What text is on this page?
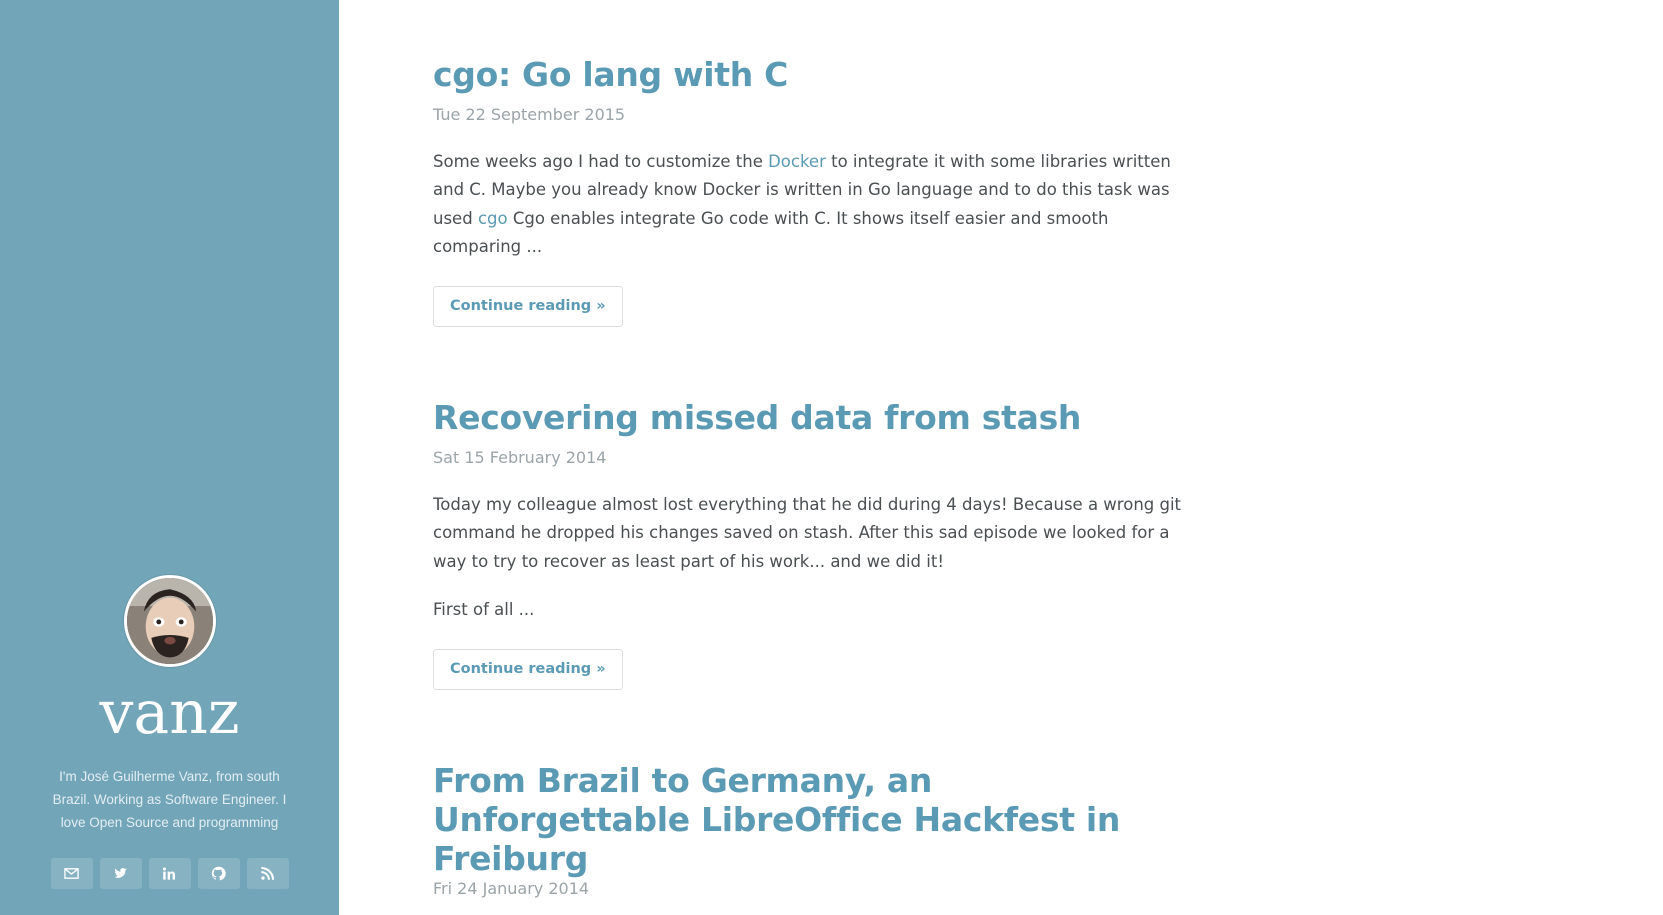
vanz
I'm José Guilherme Vanz, from south Brazil. Working as Software Engineer. I love Open Source and programming
cgo: Go lang with C
Tue 22 September 2015

Some weeks ago I had to customize the Docker to integrate it with some libraries written and C. Maybe you already know Docker is written in Go language and to do this task was used cgo Cgo enables integrate Go code with C. It shows itself easier and smooth comparing ...

Continue reading »
Recovering missed data from stash
Sat 15 February 2014

Today my colleague almost lost everything that he did during 4 days! Because a wrong git command he dropped his changes saved on stash. After this sad episode we looked for a way to try to recover as least part of his work... and we did it!

First of all ...

Continue reading »
From Brazil to Germany, an Unforgettable LibreOffice Hackfest in Freiburg
Fri 24 January 2014
